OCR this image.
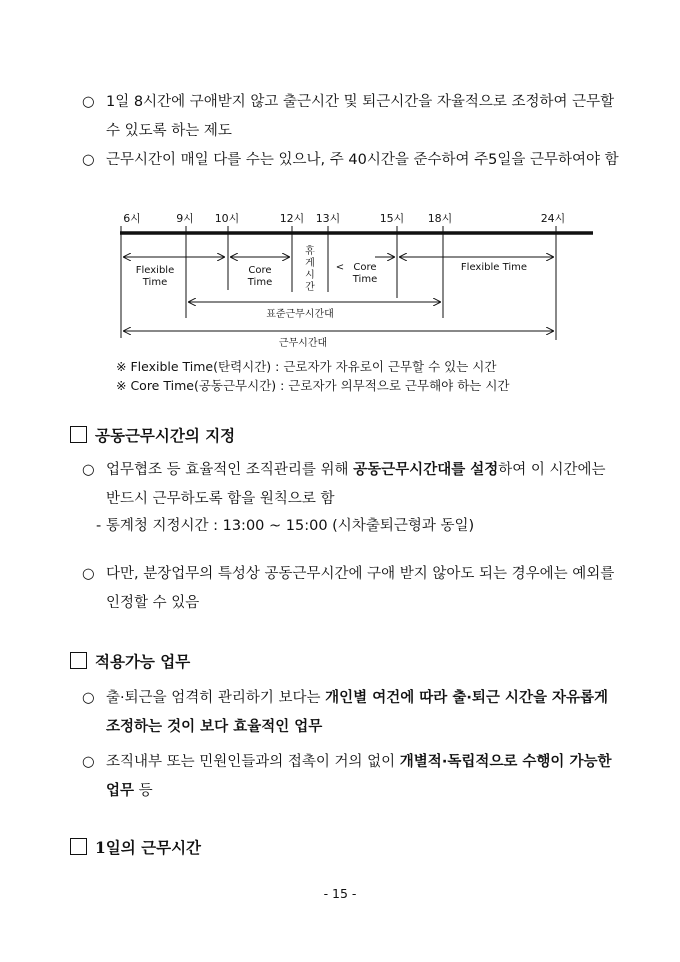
○ 1일 8시간에 구애받지 않고 출근시간 및 퇴근시간을 자율적으로 조정하여 근무할 수 있도록 하는 제도
○ 근무시간이 매일 다를 수는 있으나, 주 40시간을 준수하여 주5일을 근무하여야 함
6시	9시 10시	12시 13시	15시 18시	24시
Flexible
Time
Core
Time
휴
게
시
간
< Core
Time
Flexible Time
표준근무시간대
근무시간대
※ Flexible Time(탄력시간) : 근로자가 자유로이 근무할 수 있는 시간
※ Core Time(공동근무시간) : 근로자가 의무적으로 근무해야 하는 시간
공동근무시간의 지정
○ 업무협조 등 효율적인 조직관리를 위해 공동근무시간대를 설정하여 이 시간에는 반드시 근무하도록 함을 원칙으로 함
- 통계청 지정시간 : 13:00 ~ 15:00 (시차출퇴근형과 동일)
○ 다만, 분장업무의 특성상 공동근무시간에 구애 받지 않아도 되는 경우에는 예외를 인정할 수 있음
적용가능 업무
○ 출·퇴근을 엄격히 관리하기 보다는 개인별 여건에 따라 출·퇴근 시간을 자유롭게 조정하는 것이 보다 효율적인 업무
○ 조직내부 또는 민원인들과의 접촉이 거의 없이 개별적·독립적으로 수행이 가능한 업무 등
1일의 근무시간
- 15 -
